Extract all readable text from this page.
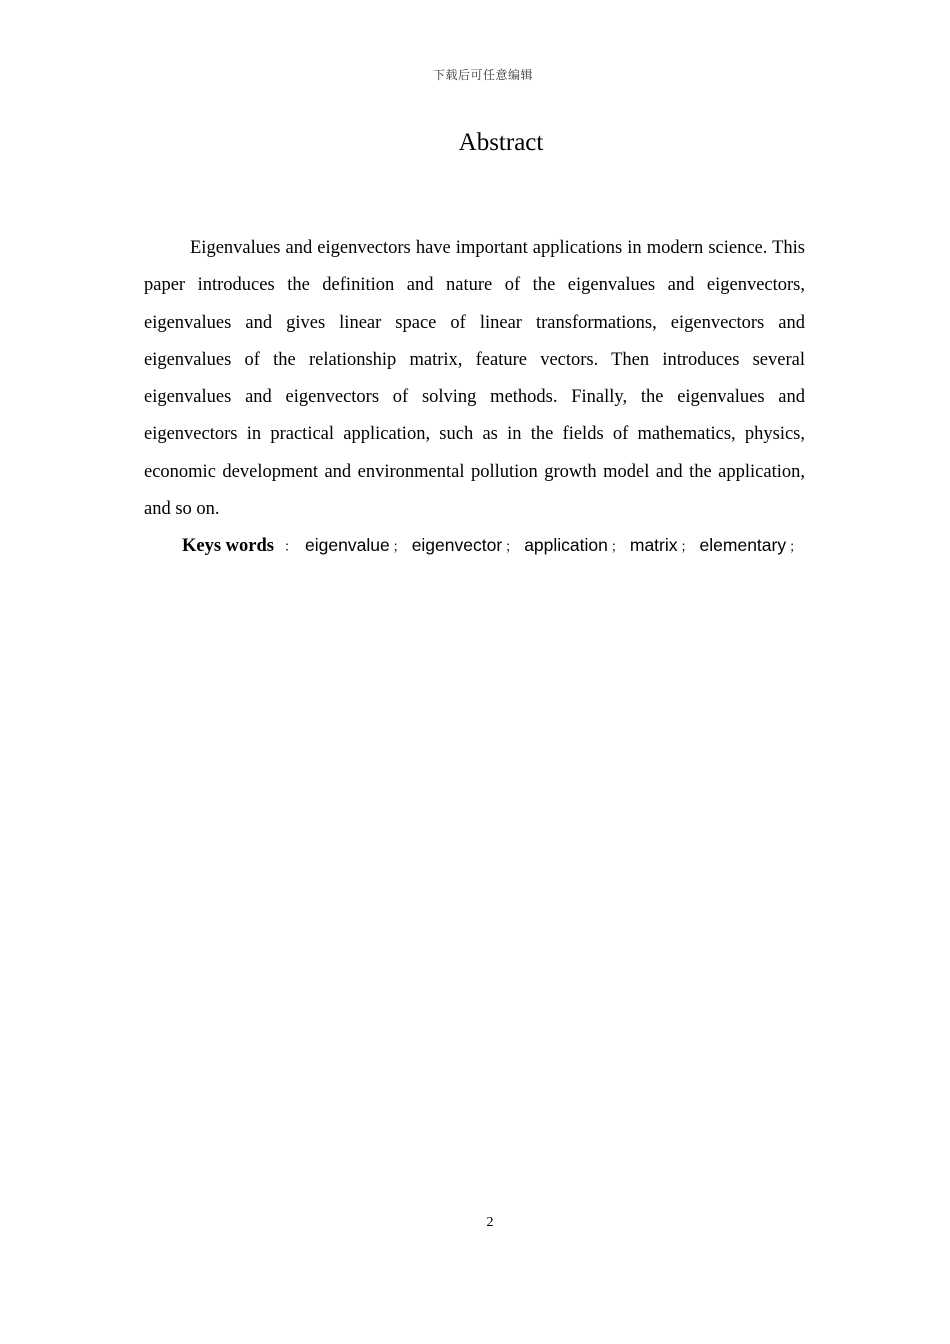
下载后可任意编辑
Abstract

Eigenvalues and eigenvectors have important applications in modern science. This paper introduces the definition and nature of the eigenvalues and eigenvectors, eigenvalues and gives linear space of linear transformations, eigenvectors and eigenvalues of the relationship matrix, feature vectors. Then introduces several eigenvalues and eigenvectors of solving methods. Finally, the eigenvalues and eigenvectors in practical application, such as in the fields of mathematics, physics, economic development and environmental pollution growth model and the application, and so on.

Keys words ： eigenvalue ； eigenvector ； application ； matrix ； elementary ；
2
